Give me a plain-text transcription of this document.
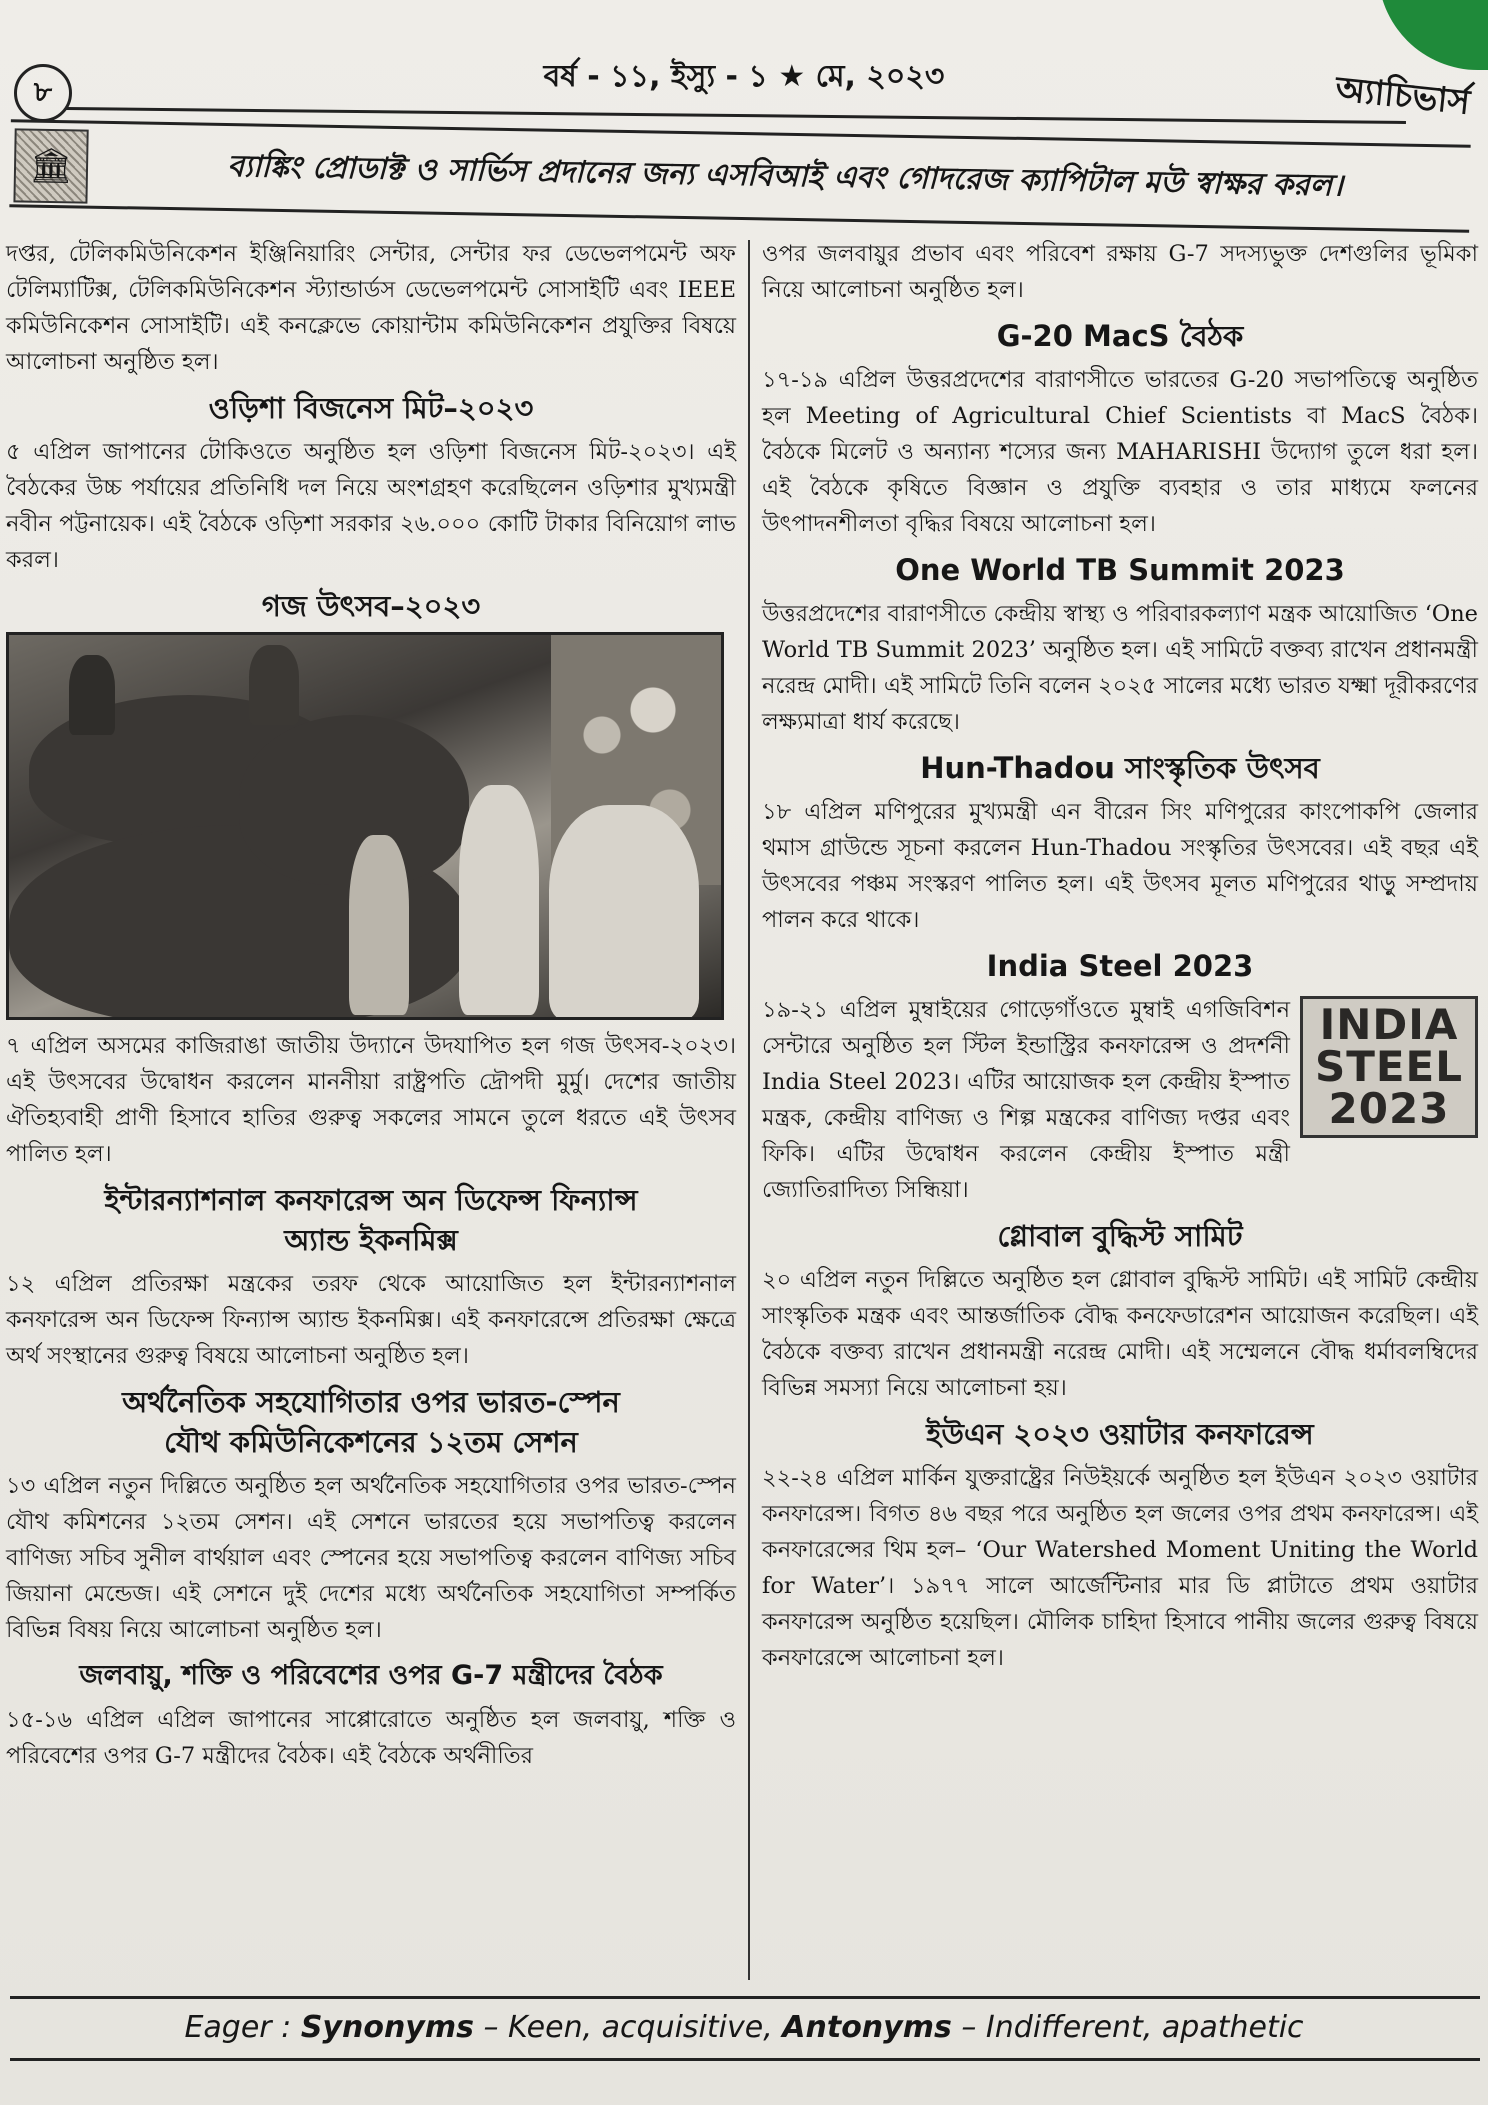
৮	বর্ষ - ১১, ইস্যু - ১ ★ মে, ২০২৩	অ্যাচিভার্স
🏛	ব্যাঙ্কিং প্রোডাক্ট ও সার্ভিস প্রদানের জন্য এসবিআই এবং গোদরেজ ক্যাপিটাল মউ স্বাক্ষর করল।

দপ্তর, টেলিকমিউনিকেশন ইঞ্জিনিয়ারিং সেন্টার, সেন্টার ফর ডেভেলপমেন্ট অফ টেলিম্যাটিক্স, টেলিকমিউনিকেশন স্ট্যান্ডার্ডস ডেভেলপমেন্ট সোসাইটি এবং IEEE কমিউনিকেশন সোসাইটি। এই কনক্লেভে কোয়ান্টাম কমিউনিকেশন প্রযুক্তির বিষয়ে আলোচনা অনুষ্ঠিত হল।

ওড়িশা বিজনেস মিট–২০২৩

৫ এপ্রিল জাপানের টোকিওতে অনুষ্ঠিত হল ওড়িশা বিজনেস মিট-২০২৩। এই বৈঠকের উচ্চ পর্যায়ের প্রতিনিধি দল নিয়ে অংশগ্রহণ করেছিলেন ওড়িশার মুখ্যমন্ত্রী নবীন পট্টনায়েক। এই বৈঠকে ওড়িশা সরকার ২৬.০০০ কোটি টাকার বিনিয়োগ লাভ করল।

গজ উৎসব–২০২৩

৭ এপ্রিল অসমের কাজিরাঙা জাতীয় উদ্যানে উদযাপিত হল গজ উৎসব-২০২৩। এই উৎসবের উদ্বোধন করলেন মাননীয়া রাষ্ট্রপতি দ্রৌপদী মুর্মু। দেশের জাতীয় ঐতিহ্যবাহী প্রাণী হিসাবে হাতির গুরুত্ব সকলের সামনে তুলে ধরতে এই উৎসব পালিত হল।

ইন্টারন্যাশনাল কনফারেন্স অন ডিফেন্স ফিন্যান্স
অ্যান্ড ইকনমিক্স

১২ এপ্রিল প্রতিরক্ষা মন্ত্রকের তরফ থেকে আয়োজিত হল ইন্টারন্যাশনাল কনফারেন্স অন ডিফেন্স ফিন্যান্স অ্যান্ড ইকনমিক্স। এই কনফারেন্সে প্রতিরক্ষা ক্ষেত্রে অর্থ সংস্থানের গুরুত্ব বিষয়ে আলোচনা অনুষ্ঠিত হল।

অর্থনৈতিক সহযোগিতার ওপর ভারত-স্পেন
যৌথ কমিউনিকেশনের ১২তম সেশন

১৩ এপ্রিল নতুন দিল্লিতে অনুষ্ঠিত হল অর্থনৈতিক সহযোগিতার ওপর ভারত-স্পেন যৌথ কমিশনের ১২তম সেশন। এই সেশনে ভারতের হয়ে সভাপতিত্ব করলেন বাণিজ্য সচিব সুনীল বার্থয়াল এবং স্পেনের হয়ে সভাপতিত্ব করলেন বাণিজ্য সচিব জিয়ানা মেন্ডেজ। এই সেশনে দুই দেশের মধ্যে অর্থনৈতিক সহযোগিতা সম্পর্কিত বিভিন্ন বিষয় নিয়ে আলোচনা অনুষ্ঠিত হল।

জলবায়ু, শক্তি ও পরিবেশের ওপর G-7 মন্ত্রীদের বৈঠক

১৫-১৬ এপ্রিল এপ্রিল জাপানের সাপ্পোরোতে অনুষ্ঠিত হল জলবায়ু, শক্তি ও পরিবেশের ওপর G-7 মন্ত্রীদের বৈঠক। এই বৈঠকে অর্থনীতির

ওপর জলবায়ুর প্রভাব এবং পরিবেশ রক্ষায় G-7 সদস্যভুক্ত দেশগুলির ভূমিকা নিয়ে আলোচনা অনুষ্ঠিত হল।

G-20 MacS বৈঠক

১৭-১৯ এপ্রিল উত্তরপ্রদেশের বারাণসীতে ভারতের G-20 সভাপতিত্বে অনুষ্ঠিত হল Meeting of Agricultural Chief Scientists বা MacS বৈঠক। বৈঠকে মিলেট ও অন্যান্য শস্যের জন্য MAHARISHI উদ্যোগ তুলে ধরা হল। এই বৈঠকে কৃষিতে বিজ্ঞান ও প্রযুক্তি ব্যবহার ও তার মাধ্যমে ফলনের উৎপাদনশীলতা বৃদ্ধির বিষয়ে আলোচনা হল।

One World TB Summit 2023

উত্তরপ্রদেশের বারাণসীতে কেন্দ্রীয় স্বাস্থ্য ও পরিবারকল্যাণ মন্ত্রক আয়োজিত ‘One World TB Summit 2023’ অনুষ্ঠিত হল। এই সামিটে বক্তব্য রাখেন প্রধানমন্ত্রী নরেন্দ্র মোদী। এই সামিটে তিনি বলেন ২০২৫ সালের মধ্যে ভারত যক্ষ্মা দূরীকরণের লক্ষ্যমাত্রা ধার্য করেছে।

Hun-Thadou সাংস্কৃতিক উৎসব

১৮ এপ্রিল মণিপুরের মুখ্যমন্ত্রী এন বীরেন সিং মণিপুরের কাংপোকপি জেলার থমাস গ্রাউন্ডে সূচনা করলেন Hun-Thadou সংস্কৃতির উৎসবের। এই বছর এই উৎসবের পঞ্চম সংস্করণ পালিত হল। এই উৎসব মূলত মণিপুরের থাড়ু সম্প্রদায় পালন করে থাকে।

India Steel 2023
INDIA
STEEL
2023

১৯-২১ এপ্রিল মুম্বাইয়ের গোড়েগাঁওতে মুম্বাই এগজিবিশন সেন্টারে অনুষ্ঠিত হল স্টিল ইন্ডাস্ট্রির কনফারেন্স ও প্রদর্শনী India Steel 2023। এটির আয়োজক হল কেন্দ্রীয় ইস্পাত মন্ত্রক, কেন্দ্রীয় বাণিজ্য ও শিল্প মন্ত্রকের বাণিজ্য দপ্তর এবং ফিকি। এটির উদ্বোধন করলেন কেন্দ্রীয় ইস্পাত মন্ত্রী জ্যোতিরাদিত্য সিন্ধিয়া।

গ্লোবাল বুদ্ধিস্ট সামিট

২০ এপ্রিল নতুন দিল্লিতে অনুষ্ঠিত হল গ্লোবাল বুদ্ধিস্ট সামিট। এই সামিট কেন্দ্রীয় সাংস্কৃতিক মন্ত্রক এবং আন্তর্জাতিক বৌদ্ধ কনফেডারেশন আয়োজন করেছিল। এই বৈঠকে বক্তব্য রাখেন প্রধানমন্ত্রী নরেন্দ্র মোদী। এই সম্মেলনে বৌদ্ধ ধর্মাবলম্বিদের বিভিন্ন সমস্যা নিয়ে আলোচনা হয়।

ইউএন ২০২৩ ওয়াটার কনফারেন্স

২২-২৪ এপ্রিল মার্কিন যুক্তরাষ্ট্রের নিউইয়র্কে অনুষ্ঠিত হল ইউএন ২০২৩ ওয়াটার কনফারেন্স। বিগত ৪৬ বছর পরে অনুষ্ঠিত হল জলের ওপর প্রথম কনফারেন্স। এই কনফারেন্সের থিম হল– ‘Our Watershed Moment Uniting the World for Water’। ১৯৭৭ সালে আর্জেন্টিনার মার ডি প্লাটাতে প্রথম ওয়াটার কনফারেন্স অনুষ্ঠিত হয়েছিল। মৌলিক চাহিদা হিসাবে পানীয় জলের গুরুত্ব বিষয়ে কনফারেন্সে আলোচনা হল।

Eager : Synonyms – Keen, acquisitive, Antonyms – Indifferent, apathetic
